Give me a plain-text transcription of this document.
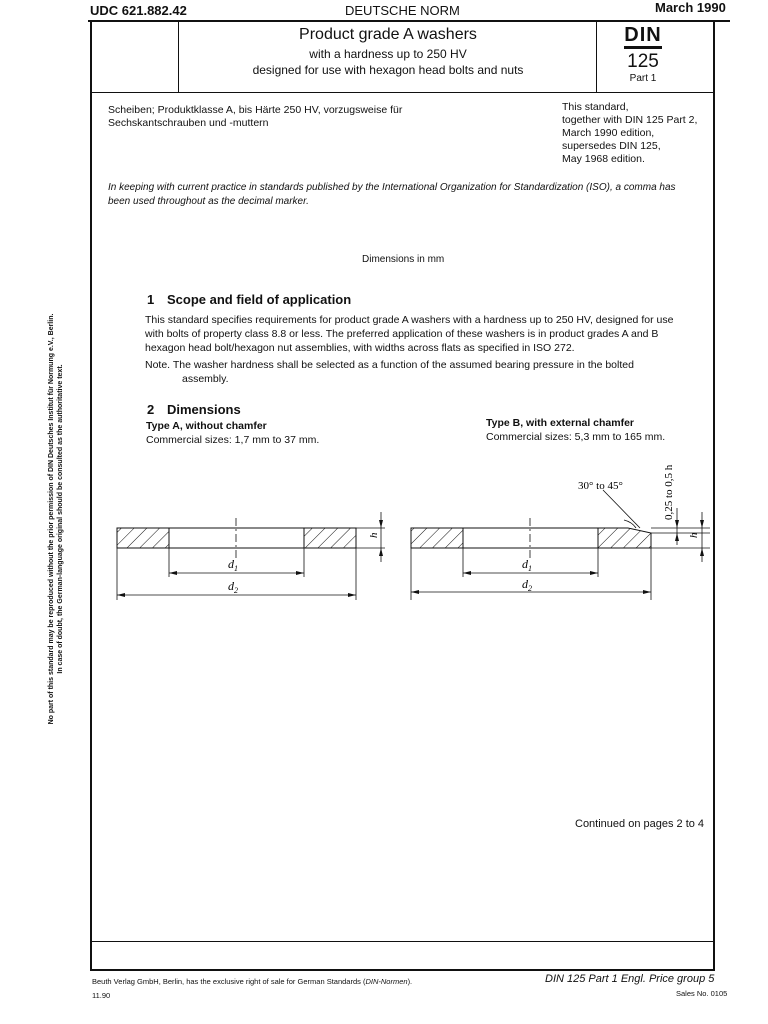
UDC 621.882.42	DEUTSCHE NORM	March 1990
Product grade A washers
with a hardness up to 250 HV
designed for use with hexagon head bolts and nuts
DIN
125
Part 1
Scheiben; Produktklasse A, bis Härte 250 HV, vorzugsweise für Sechskantschrauben und -muttern
This standard,
together with DIN 125 Part 2,
March 1990 edition,
supersedes DIN 125,
May 1968 edition.
In keeping with current practice in standards published by the International Organization for Standardization (ISO), a comma has been used throughout as the decimal marker.
Dimensions in mm
1 Scope and field of application

This standard specifies requirements for product grade A washers with a hardness up to 250 HV, designed for use with bolts of property class 8.8 or less. The preferred application of these washers is in product grades A and B hexagon head bolt/hexagon nut assemblies, with widths across flats as specified in ISO 272.

Note. The washer hardness shall be selected as a function of the assumed bearing pressure in the bolted
assembly.

2 Dimensions
Type A, without chamfer
Commercial sizes: 1,7 mm to 37 mm.
Type B, with external chamfer
Commercial sizes: 5,3 mm to 165 mm.
$d_1$
$d_2$
h
$d_1$
$d_2$
30° to 45°	0,25 to 0,5 h
h
Continued on pages 2 to 4
Beuth Verlag GmbH, Berlin, has the exclusive right of sale for German Standards (DIN-Normen).
11.90
DIN 125 Part 1 Engl. Price group 5
Sales No. 0105
No part of this standard may be reproduced without the prior permission of DIN Deutsches Institut für Normung e.V., Berlin. In case of doubt, the German-language original should be consulted as the authoritative text.
